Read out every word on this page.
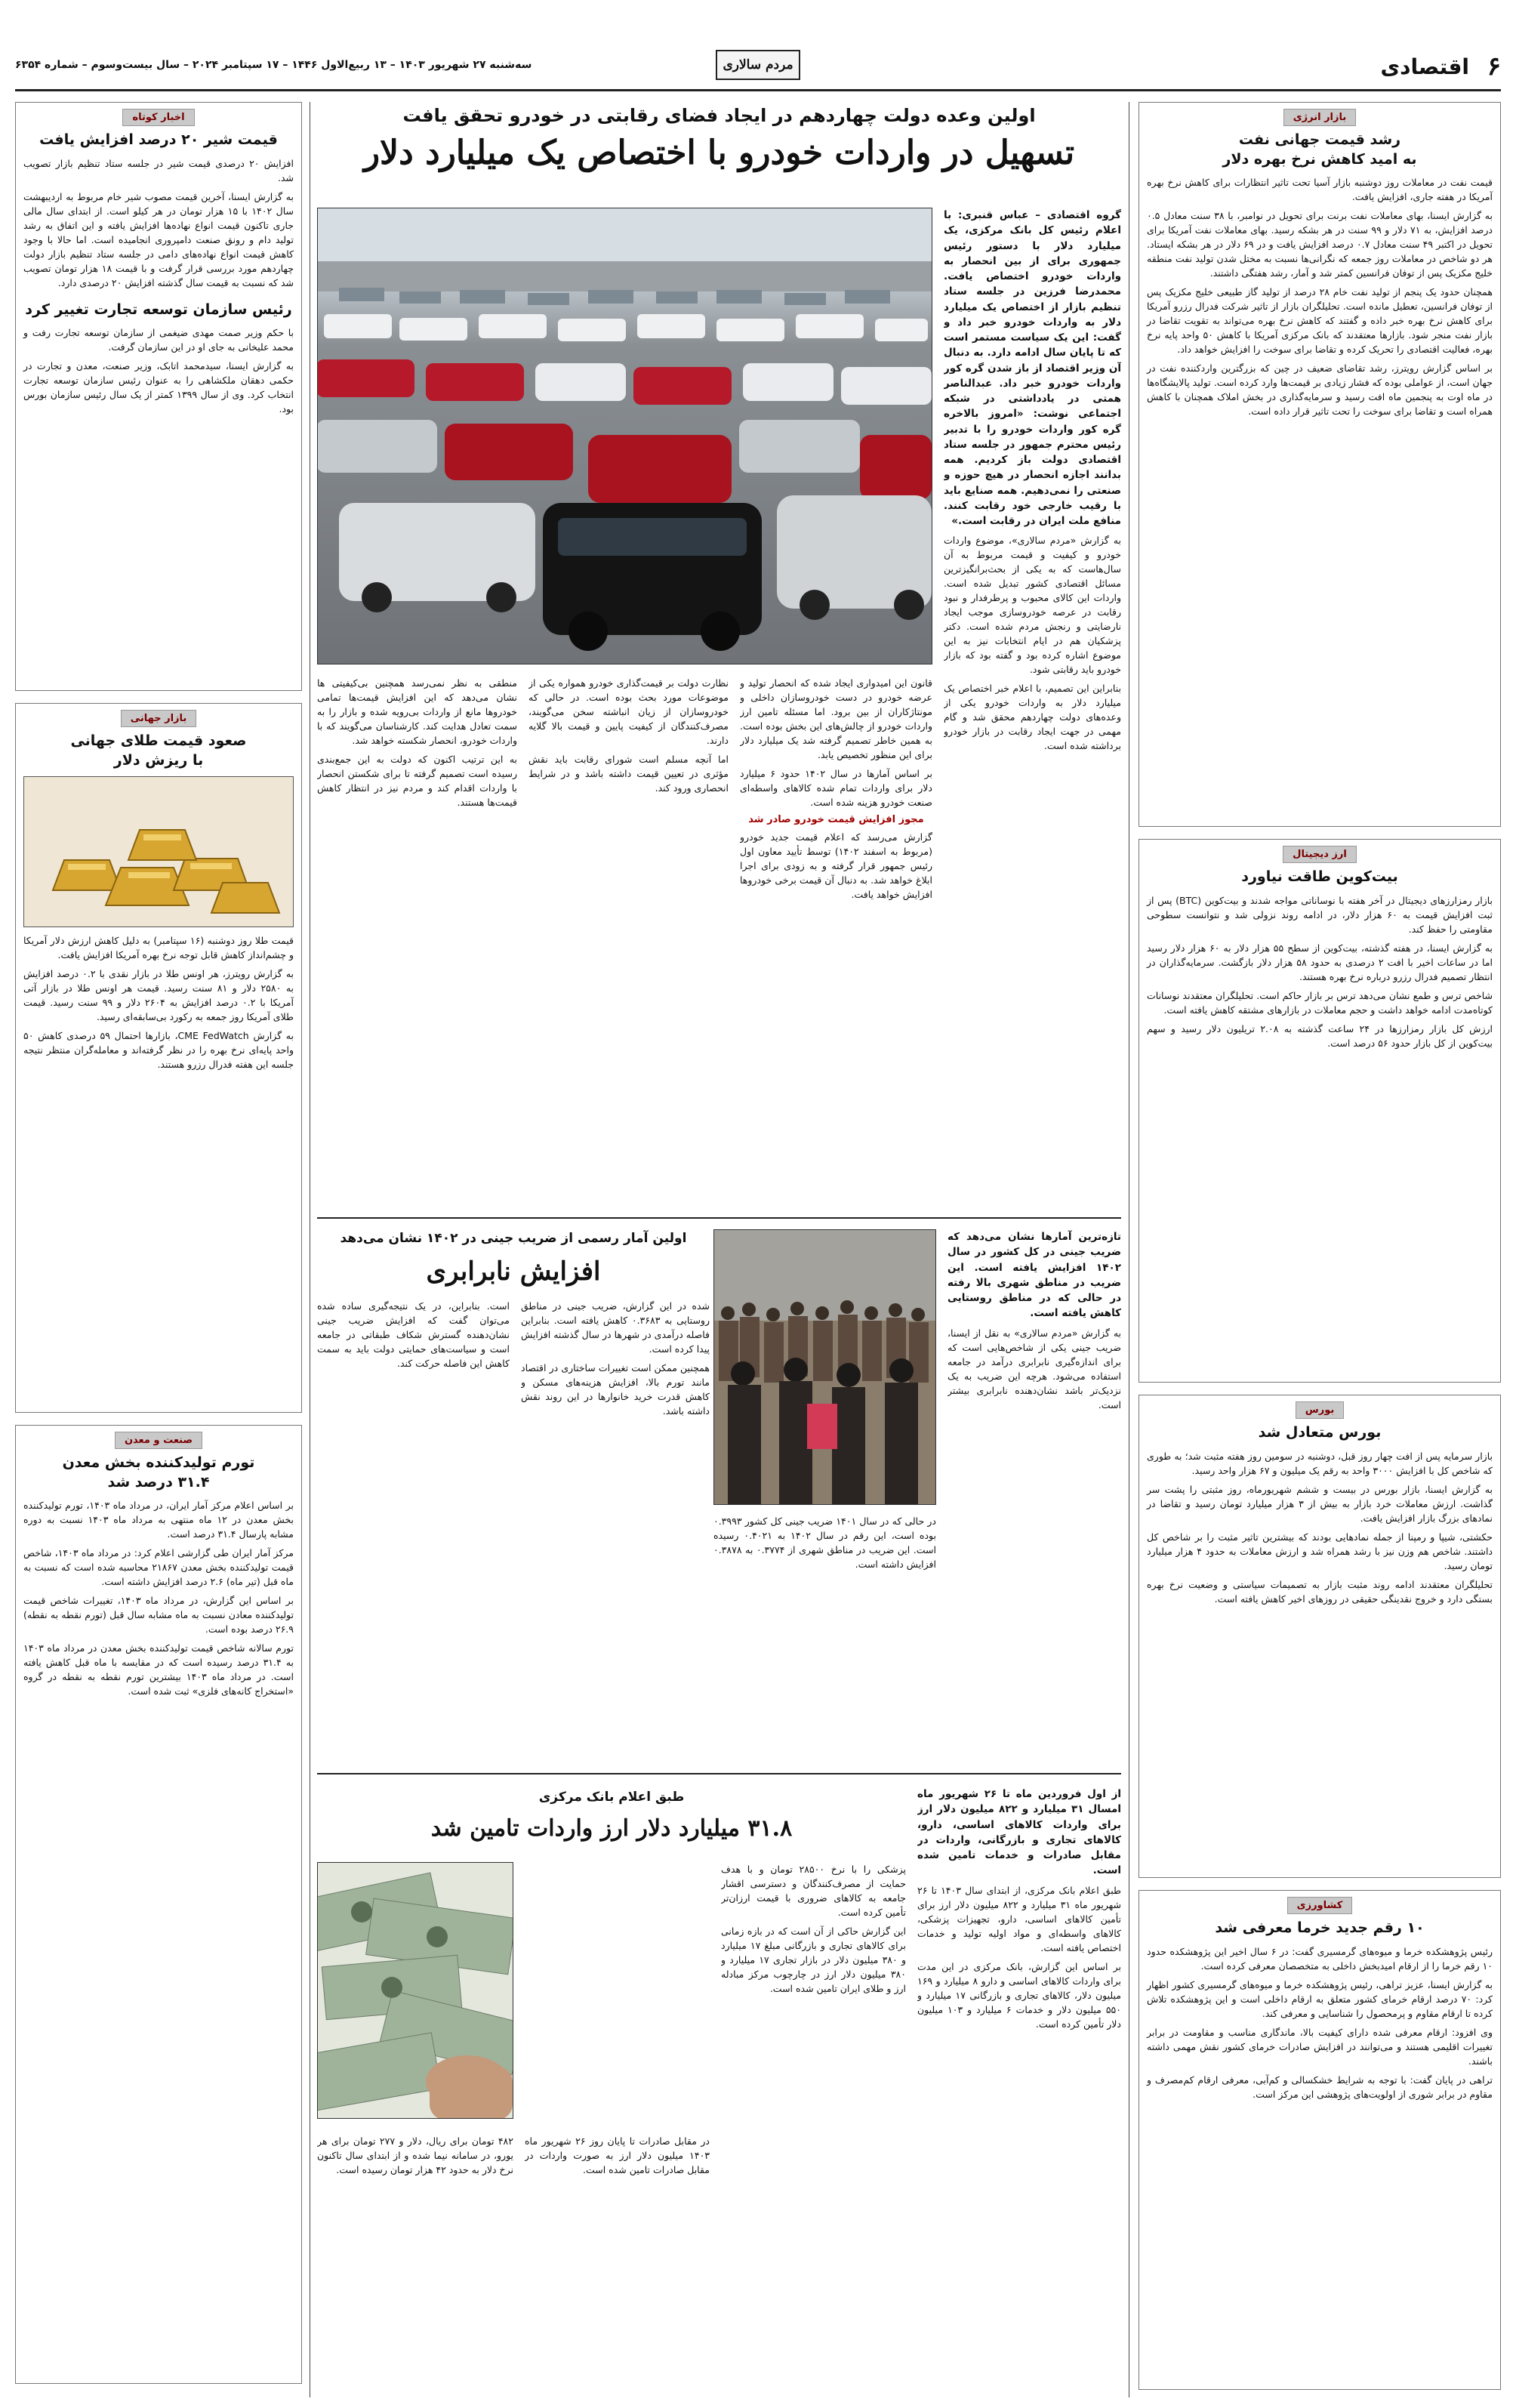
۶
اقتصادی
مردم سالاری
سه‌شنبه ۲۷ شهریور ۱۴۰۳ – ۱۳ ربیع‌الاول ۱۴۴۶ – ۱۷ سپتامبر ۲۰۲۴ – سال بیست‌وسوم – شماره ۶۳۵۴
بازار انرژی
رشد قیمت جهانی نفت
به امید کاهش نرخ بهره دلار

قیمت نفت در معاملات روز دوشنبه بازار آسیا تحت تاثیر انتظارات برای کاهش نرخ بهره آمریکا در هفته جاری، افزایش یافت.

به گزارش ایسنا، بهای معاملات نفت برنت برای تحویل در نوامبر، با ۳۸ سنت معادل ۰.۵ درصد افزایش، به ۷۱ دلار و ۹۹ سنت در هر بشکه رسید. بهای معاملات نفت آمریکا برای تحویل در اکتبر ۴۹ سنت معادل ۰.۷ درصد افزایش یافت و در ۶۹ دلار در هر بشکه ایستاد. هر دو شاخص در معاملات روز جمعه که نگرانی‌ها نسبت به مختل شدن تولید نفت منطقه خلیج مکزیک پس از توفان فرانسین کمتر شد و آمار، رشد هفتگی داشتند.

همچنان حدود یک پنجم از تولید نفت خام ۲۸ درصد از تولید گاز طبیعی خلیج مکزیک پس از توفان فرانسین، تعطیل مانده است. تحلیلگران بازار از تاثیر شرکت فدرال رزرو آمریکا برای کاهش نرخ بهره خبر داده و گفتند که کاهش نرخ بهره می‌تواند به تقویت تقاضا در بازار نفت منجر شود. بازارها معتقدند که بانک مرکزی آمریکا با کاهش ۵۰ واحد پایه نرخ بهره، فعالیت اقتصادی را تحریک کرده و تقاضا برای سوخت را افزایش خواهد داد.

بر اساس گزارش رویترز، رشد تقاضای ضعیف در چین که بزرگترین واردکننده نفت در جهان است، از عواملی بوده که فشار زیادی بر قیمت‌ها وارد کرده است. تولید پالایشگاه‌ها در ماه اوت به پنجمین ماه افت رسید و سرمایه‌گذاری در بخش املاک همچنان با کاهش همراه است و تقاضا برای سوخت را تحت تاثیر قرار داده است.

ارز دیجیتال
بیت‌کوین طاقت نیاورد

بازار رمزارزهای دیجیتال در آخر هفته با نوساناتی مواجه شدند و بیت‌کوین (BTC) پس از ثبت افزایش قیمت به ۶۰ هزار دلار، در ادامه روند نزولی شد و نتوانست سطوحی مقاومتی را حفظ کند.

به گزارش ایسنا، در هفته گذشته، بیت‌کوین از سطح ۵۵ هزار دلار به ۶۰ هزار دلار رسید اما در ساعات اخیر با افت ۲ درصدی به حدود ۵۸ هزار دلار بازگشت. سرمایه‌گذاران در انتظار تصمیم فدرال رزرو درباره نرخ بهره هستند.

شاخص ترس و طمع نشان می‌دهد ترس بر بازار حاکم است. تحلیلگران معتقدند نوسانات کوتاه‌مدت ادامه خواهد داشت و حجم معاملات در بازارهای مشتقه کاهش یافته است.

ارزش کل بازار رمزارزها در ۲۴ ساعت گذشته به ۲.۰۸ تریلیون دلار رسید و سهم بیت‌کوین از کل بازار حدود ۵۶ درصد است.

بورس
بورس متعادل شد

بازار سرمایه پس از افت چهار روز قبل، دوشنبه در سومین روز هفته مثبت شد؛ به طوری که شاخص کل با افزایش ۳۰۰۰ واحد به رقم یک میلیون و ۶۷ هزار واحد رسید.

به گزارش ایسنا، بازار بورس در بیست و ششم شهریورماه، روز مثبتی را پشت سر گذاشت. ارزش معاملات خرد بازار به بیش از ۳ هزار میلیارد تومان رسید و تقاضا در نمادهای بزرگ بازار افزایش یافت.

حکشتی، شیپا و رمپنا از جمله نمادهایی بودند که بیشترین تاثیر مثبت را بر شاخص کل داشتند. شاخص هم وزن نیز با رشد همراه شد و ارزش معاملات به حدود ۴ هزار میلیارد تومان رسید.

تحلیلگران معتقدند ادامه روند مثبت بازار به تصمیمات سیاستی و وضعیت نرخ بهره بستگی دارد و خروج نقدینگی حقیقی در روزهای اخیر کاهش یافته است.

کشاورزی
۱۰ رقم جدید خرما معرفی شد

رئیس پژوهشکده خرما و میوه‌های گرمسیری گفت: در ۶ سال اخیر این پژوهشکده حدود ۱۰ رقم خرما را از ارقام امیدبخش داخلی به متخصصان معرفی کرده است.

به گزارش ایسنا، عزیز تراهی، رئیس پژوهشکده خرما و میوه‌های گرمسیری کشور اظهار کرد: ۷۰ درصد ارقام خرمای کشور متعلق به ارقام داخلی است و این پژوهشکده تلاش کرده تا ارقام مقاوم و پرمحصول را شناسایی و معرفی کند.

وی افزود: ارقام معرفی شده دارای کیفیت بالا، ماندگاری مناسب و مقاومت در برابر تغییرات اقلیمی هستند و می‌توانند در افزایش صادرات خرمای کشور نقش مهمی داشته باشند.

تراهی در پایان گفت: با توجه به شرایط خشکسالی و کم‌آبی، معرفی ارقام کم‌مصرف و مقاوم در برابر شوری از اولویت‌های پژوهشی این مرکز است.

اولین وعده دولت چهاردهم در ایجاد فضای رقابتی در خودرو تحقق یافت
تسهیل در واردات خودرو با اختصاص یک میلیارد دلار

گروه اقتصادی – عباس قنبری: با اعلام رئیس کل بانک مرکزی، یک میلیارد دلار با دستور رئیس جمهوری برای از بین انحصار به واردات خودرو اختصاص یافت. محمدرضا فرزین در جلسه ستاد تنظیم بازار از اختصاص یک میلیارد دلار به واردات خودرو خبر داد و گفت: این یک سیاست مستمر است که تا پایان سال ادامه دارد. به دنبال آن وزیر اقتصاد از باز شدن گره کور واردات خودرو خبر داد. عبدالناصر همتی در یادداشتی در شبکه اجتماعی نوشت: «امروز بالاخره گره کور واردات خودرو را با تدبیر رئیس محترم جمهور در جلسه ستاد اقتصادی دولت باز کردیم. همه بدانند اجازه انحصار در هیچ حوزه و صنعتی را نمی‌دهیم. همه صنایع باید با رقیب خارجی خود رقابت کنند. منافع ملت ایران در رقابت است.»

به گزارش «مردم سالاری»، موضوع واردات خودرو و کیفیت و قیمت مربوط به آن سال‌هاست که به یکی از بحث‌برانگیزترین مسائل اقتصادی کشور تبدیل شده است. واردات این کالای محبوب و پرطرفدار و نبود رقابت در عرصه خودروسازی موجب ایجاد نارضایتی و رنجش مردم شده است. دکتر پزشکیان هم در ایام انتخابات نیز به این موضوع اشاره کرده بود و گفته بود که بازار خودرو باید رقابتی شود.

بنابراین این تصمیم، با اعلام خبر اختصاص یک میلیارد دلار به واردات خودرو یکی از وعده‌های دولت چهاردهم محقق شد و گام مهمی در جهت ایجاد رقابت در بازار خودرو برداشته شده است.

قانون این امیدواری ایجاد شده که انحصار تولید و عرضه خودرو در دست خودروسازان داخلی و مونتاژکاران از بین برود. اما مسئله تامین ارز واردات خودرو از چالش‌های این بخش بوده است. به همین خاطر تصمیم گرفته شد یک میلیارد دلار برای این منظور تخصیص یابد.

بر اساس آمارها در سال ۱۴۰۲ حدود ۶ میلیارد دلار برای واردات تمام شده کالاهای واسطه‌ای صنعت خودرو هزینه شده است.

مجوز افزایش قیمت خودرو صادر شد

گزارش می‌رسد که اعلام قیمت جدید خودرو (مربوط به اسفند ۱۴۰۲) توسط تأیید معاون اول رئیس جمهور قرار گرفته و به زودی برای اجرا ابلاغ خواهد شد. به دنبال آن قیمت برخی خودروها افزایش خواهد یافت.

نظارت دولت بر قیمت‌گذاری خودرو همواره یکی از موضوعات مورد بحث بوده است. در حالی که خودروسازان از زیان انباشته سخن می‌گویند، مصرف‌کنندگان از کیفیت پایین و قیمت بالا گلایه دارند.

اما آنچه مسلم است شورای رقابت باید نقش مؤثری در تعیین قیمت داشته باشد و در شرایط انحصاری ورود کند.

منطقی به نظر نمی‌رسد همچنین بی‌کیفیتی ها نشان می‌دهد که این افزایش قیمت‌ها تمامی خودروها مانع از واردات بی‌رویه شده و بازار را به سمت تعادل هدایت کند. کارشناسان می‌گویند که با واردات خودرو، انحصار شکسته خواهد شد.

به این ترتیب اکنون که دولت به این جمع‌بندی رسیده است تصمیم گرفته تا برای شکستن انحصار با واردات اقدام کند و مردم نیز در انتظار کاهش قیمت‌ها هستند.

اولین آمار رسمی از ضریب جینی در ۱۴۰۲ نشان می‌دهد
افزایش نابرابری

تازه‌ترین آمارها نشان می‌دهد که ضریب جینی در کل کشور در سال ۱۴۰۲ افزایش یافته است. این ضریب در مناطق شهری بالا رفته در حالی که در مناطق روستایی کاهش یافته است.

به گزارش «مردم سالاری» به نقل از ایسنا، ضریب جینی یکی از شاخص‌هایی است که برای اندازه‌گیری نابرابری درآمد در جامعه استفاده می‌شود. هرچه این ضریب به یک نزدیک‌تر باشد نشان‌دهنده نابرابری بیشتر است.

در حالی که در سال ۱۴۰۱ ضریب جینی کل کشور ۰.۳۹۹۳ بوده است، این رقم در سال ۱۴۰۲ به ۰.۴۰۲۱ رسیده است. این ضریب در مناطق شهری از ۰.۳۷۷۴ به ۰.۳۸۷۸ افزایش داشته است.

شده در این گزارش، ضریب جینی در مناطق روستایی به ۰.۳۶۸۳ کاهش یافته است. بنابراین فاصله درآمدی در شهرها در سال گذشته افزایش پیدا کرده است.

همچنین ممکن است تغییرات ساختاری در اقتصاد مانند تورم بالا، افزایش هزینه‌های مسکن و کاهش قدرت خرید خانوارها در این روند نقش داشته باشد.

است. بنابراین، در یک نتیجه‌گیری ساده شده می‌توان گفت که افزایش ضریب جینی نشان‌دهنده گسترش شکاف طبقاتی در جامعه است و سیاست‌های حمایتی دولت باید به سمت کاهش این فاصله حرکت کند.

طبق اعلام بانک مرکزی
۳۱.۸ میلیارد دلار ارز واردات تامین شد

از اول فروردین ماه تا ۲۶ شهریور ماه امسال ۳۱ میلیارد و ۸۲۲ میلیون دلار ارز برای واردات کالاهای اساسی، دارو، کالاهای تجاری و بازرگانی، واردات در مقابل صادرات و خدمات تامین شده است.

طبق اعلام بانک مرکزی، از ابتدای سال ۱۴۰۳ تا ۲۶ شهریور ماه ۳۱ میلیارد و ۸۲۲ میلیون دلار ارز برای تأمین کالاهای اساسی، دارو، تجهیزات پزشکی، کالاهای واسطه‌ای و مواد اولیه تولید و خدمات اختصاص یافته است.

بر اساس این گزارش، بانک مرکزی در این مدت برای واردات کالاهای اساسی و دارو ۸ میلیارد و ۱۶۹ میلیون دلار، کالاهای تجاری و بازرگانی ۱۷ میلیارد و ۵۵۰ میلیون دلار و خدمات ۶ میلیارد و ۱۰۳ میلیون دلار تأمین کرده است.

پزشکی را با نرخ ۲۸۵۰۰ تومان و با هدف حمایت از مصرف‌کنندگان و دسترسی اقشار جامعه به کالاهای ضروری با قیمت ارزان‌تر تأمین کرده است.

این گزارش حاکی از آن است که در بازه زمانی برای کالاهای تجاری و بازرگانی مبلغ ۱۷ میلیارد و ۳۸۰ میلیون دلار در بازار تجاری ۱۷ میلیارد و ۳۸۰ میلیون دلار ارز در چارچوب مرکز مبادله ارز و طلای ایران تامین شده است.

در مقابل صادرات تا پایان روز ۲۶ شهریور ماه ۱۴۰۳ میلیون دلار ارز به صورت واردات در مقابل صادرات تامین شده است.

۴۸۲ تومان برای ریال، دلار و ۲۷۷ تومان برای هر یورو، در سامانه نیما شده و از ابتدای سال تاکنون نرخ دلار به حدود ۴۲ هزار تومان رسیده است.

اخبار کوتاه
قیمت شیر ۲۰ درصد افزایش یافت

افزایش ۲۰ درصدی قیمت شیر در جلسه ستاد تنظیم بازار تصویب شد.

به گزارش ایسنا، آخرین قیمت مصوب شیر خام مربوط به اردیبهشت سال ۱۴۰۲ با ۱۵ هزار تومان در هر کیلو است. از ابتدای سال مالی جاری تاکنون قیمت انواع نهاده‌ها افزایش یافته و این اتفاق به رشد تولید دام و رونق صنعت دامپروری انجامیده است. اما حالا با وجود کاهش قیمت انواع نهاده‌های دامی در جلسه ستاد تنظیم بازار دولت چهاردهم مورد بررسی قرار گرفت و با قیمت ۱۸ هزار تومان تصویب شد که نسبت به قیمت سال گذشته افزایش ۲۰ درصدی دارد.

رئیس سازمان توسعه تجارت تغییر کرد

با حکم وزیر صمت مهدی ضیغمی از سازمان توسعه تجارت رفت و محمد علیخانی به جای او در این سازمان گرفت.

به گزارش ایسنا، سیدمحمد اتابک، وزیر صنعت، معدن و تجارت در حکمی دهقان ملکشاهی را به عنوان رئیس سازمان توسعه تجارت انتخاب کرد. وی از سال ۱۳۹۹ کمتر از یک سال رئیس سازمان بورس بود.

بازار جهانی
صعود قیمت طلای جهانی
با ریزش دلار

قیمت طلا روز دوشنبه (۱۶ سپتامبر) به دلیل کاهش ارزش دلار آمریکا و چشم‌انداز کاهش قابل توجه نرخ بهره آمریکا افزایش یافت.

به گزارش رویترز، هر اونس طلا در بازار نقدی با ۰.۲ درصد افزایش به ۲۵۸۰ دلار و ۸۱ سنت رسید. قیمت هر اونس طلا در بازار آتی آمریکا با ۰.۲ درصد افزایش به ۲۶۰۴ دلار و ۹۹ سنت رسید. قیمت طلای آمریکا روز جمعه به رکورد بی‌سابقه‌ای رسید.

به گزارش CME FedWatch، بازارها احتمال ۵۹ درصدی کاهش ۵۰ واحد پایه‌ای نرخ بهره را در نظر گرفته‌اند و معامله‌گران منتظر نتیجه جلسه این هفته فدرال رزرو هستند.

صنعت و معدن
تورم تولیدکننده بخش معدن
۳۱.۴ درصد شد

بر اساس اعلام مرکز آمار ایران، در مرداد ماه ۱۴۰۳، تورم تولیدکننده بخش معدن در ۱۲ ماه منتهی به مرداد ماه ۱۴۰۳ نسبت به دوره مشابه پارسال ۳۱.۴ درصد است.

مرکز آمار ایران طی گزارشی اعلام کرد: در مرداد ماه ۱۴۰۳، شاخص قیمت تولیدکننده بخش معدن ۲۱۸۶۷ محاسبه شده است که نسبت به ماه قبل (تیر ماه) ۲.۶ درصد افزایش داشته است.

بر اساس این گزارش، در مرداد ماه ۱۴۰۳، تغییرات شاخص قیمت تولیدکننده معادن نسبت به ماه مشابه سال قبل (تورم نقطه به نقطه) ۲۶.۹ درصد بوده است.

تورم سالانه شاخص قیمت تولیدکننده بخش معدن در مرداد ماه ۱۴۰۳ به ۳۱.۴ درصد رسیده است که در مقایسه با ماه قبل کاهش یافته است. در مرداد ماه ۱۴۰۳ بیشترین تورم نقطه به نقطه در گروه «استخراج کانه‌های فلزی» ثبت شده است.
